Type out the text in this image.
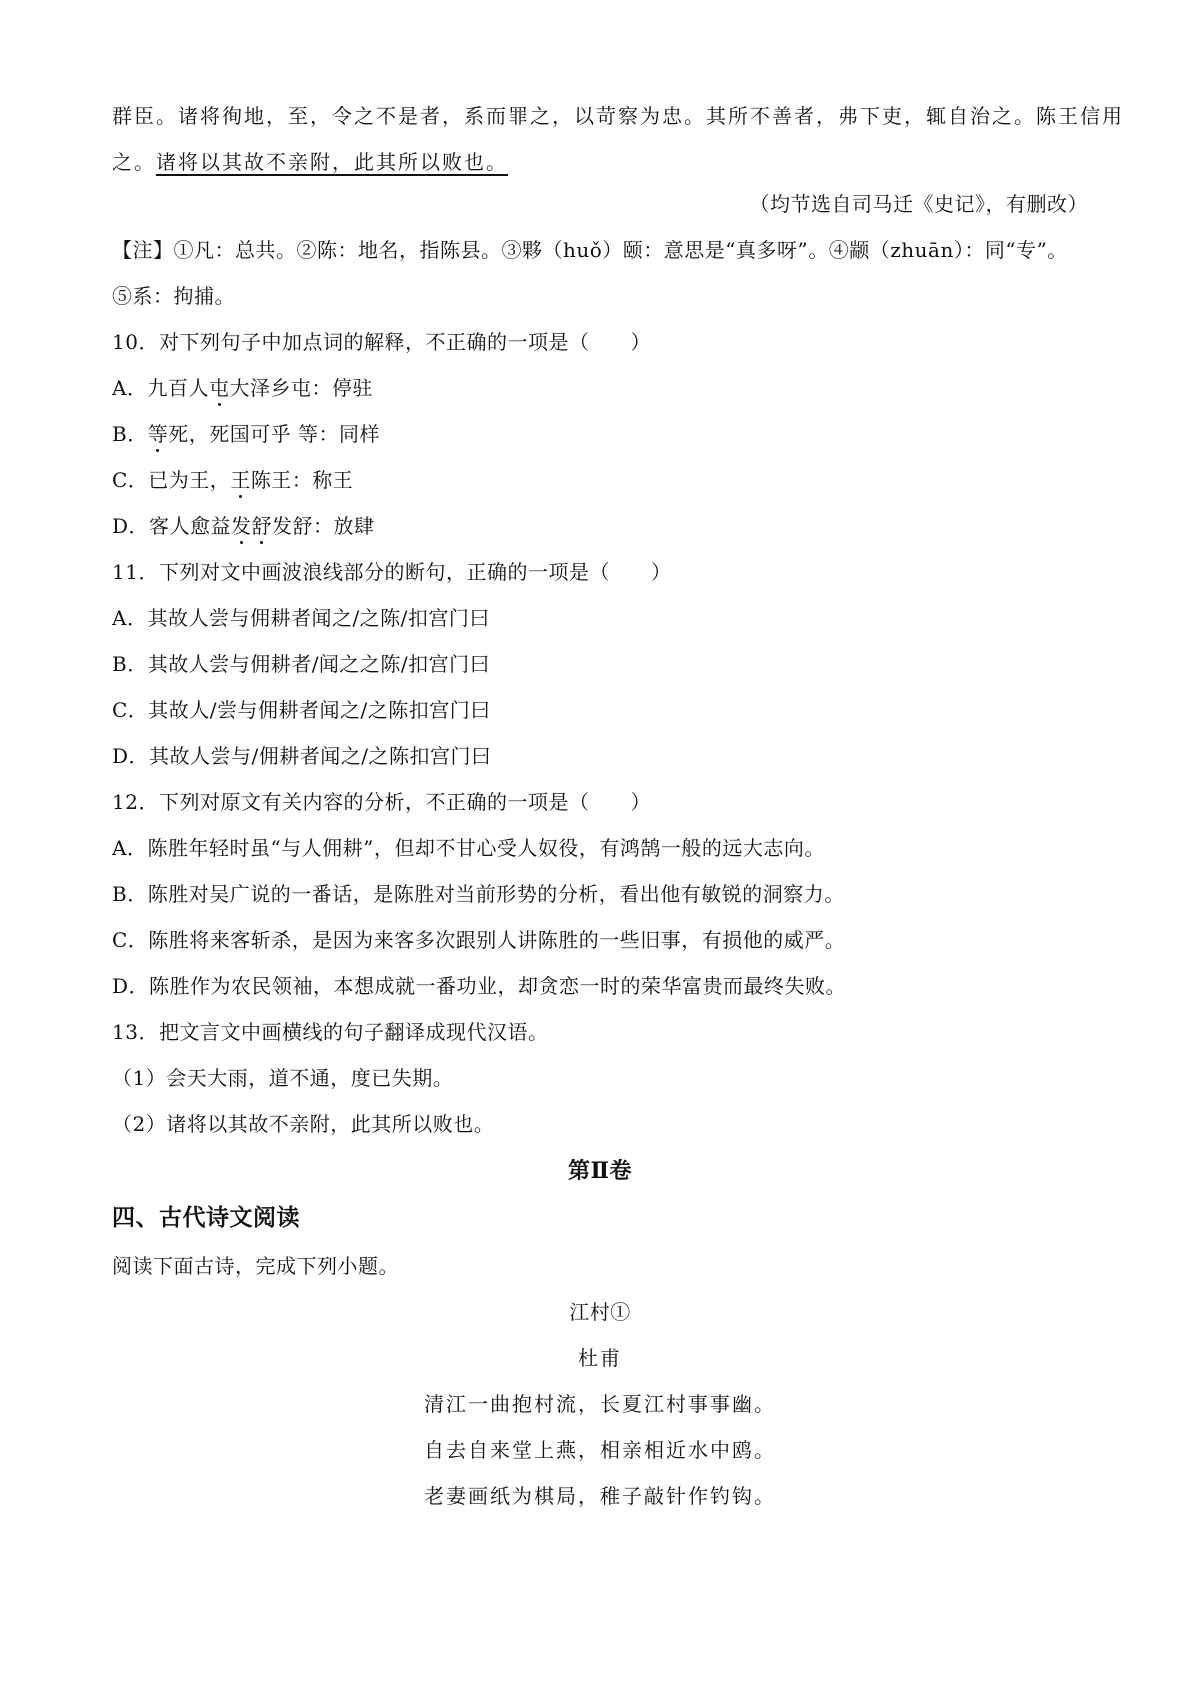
群臣。诸将徇地，至，令之不是者，系而罪之，以苛察为忠。其所不善者，弗下吏，辄自治之。陈王信用
之。诸将以其故不亲附，此其所以败也。
（均节选自司马迁《史记》，有删改）
【注】①凡：总共。②陈：地名，指陈县。③夥（huǒ）颐：意思是“真多呀”。④颛（zhuān）：同“专”。
⑤系：拘捕。
10．对下列句子中加点词的解释，不正确的一项是（　　）
A．九百人屯大泽乡屯：停驻
B．等死，死国可乎 等：同样
C．已为王，王陈王：称王
D．客人愈益发舒发舒：放肆
11．下列对文中画波浪线部分的断句，正确的一项是（　　）
A．其故人尝与佣耕者闻之/之陈/扣宫门曰
B．其故人尝与佣耕者/闻之之陈/扣宫门曰
C．其故人/尝与佣耕者闻之/之陈扣宫门曰
D．其故人尝与/佣耕者闻之/之陈扣宫门曰
12．下列对原文有关内容的分析，不正确的一项是（　　）
A．陈胜年轻时虽“与人佣耕”，但却不甘心受人奴役，有鸿鹄一般的远大志向。
B．陈胜对吴广说的一番话，是陈胜对当前形势的分析，看出他有敏锐的洞察力。
C．陈胜将来客斩杀，是因为来客多次跟别人讲陈胜的一些旧事，有损他的威严。
D．陈胜作为农民领袖，本想成就一番功业，却贪恋一时的荣华富贵而最终失败。
13．把文言文中画横线的句子翻译成现代汉语。
（1）会天大雨，道不通，度已失期。
（2）诸将以其故不亲附，此其所以败也。
第Ⅱ卷
四、古代诗文阅读
阅读下面古诗，完成下列小题。
江村①
杜甫
清江一曲抱村流，长夏江村事事幽。
自去自来堂上燕，相亲相近水中鸥。
老妻画纸为棋局，稚子敲针作钓钩。
